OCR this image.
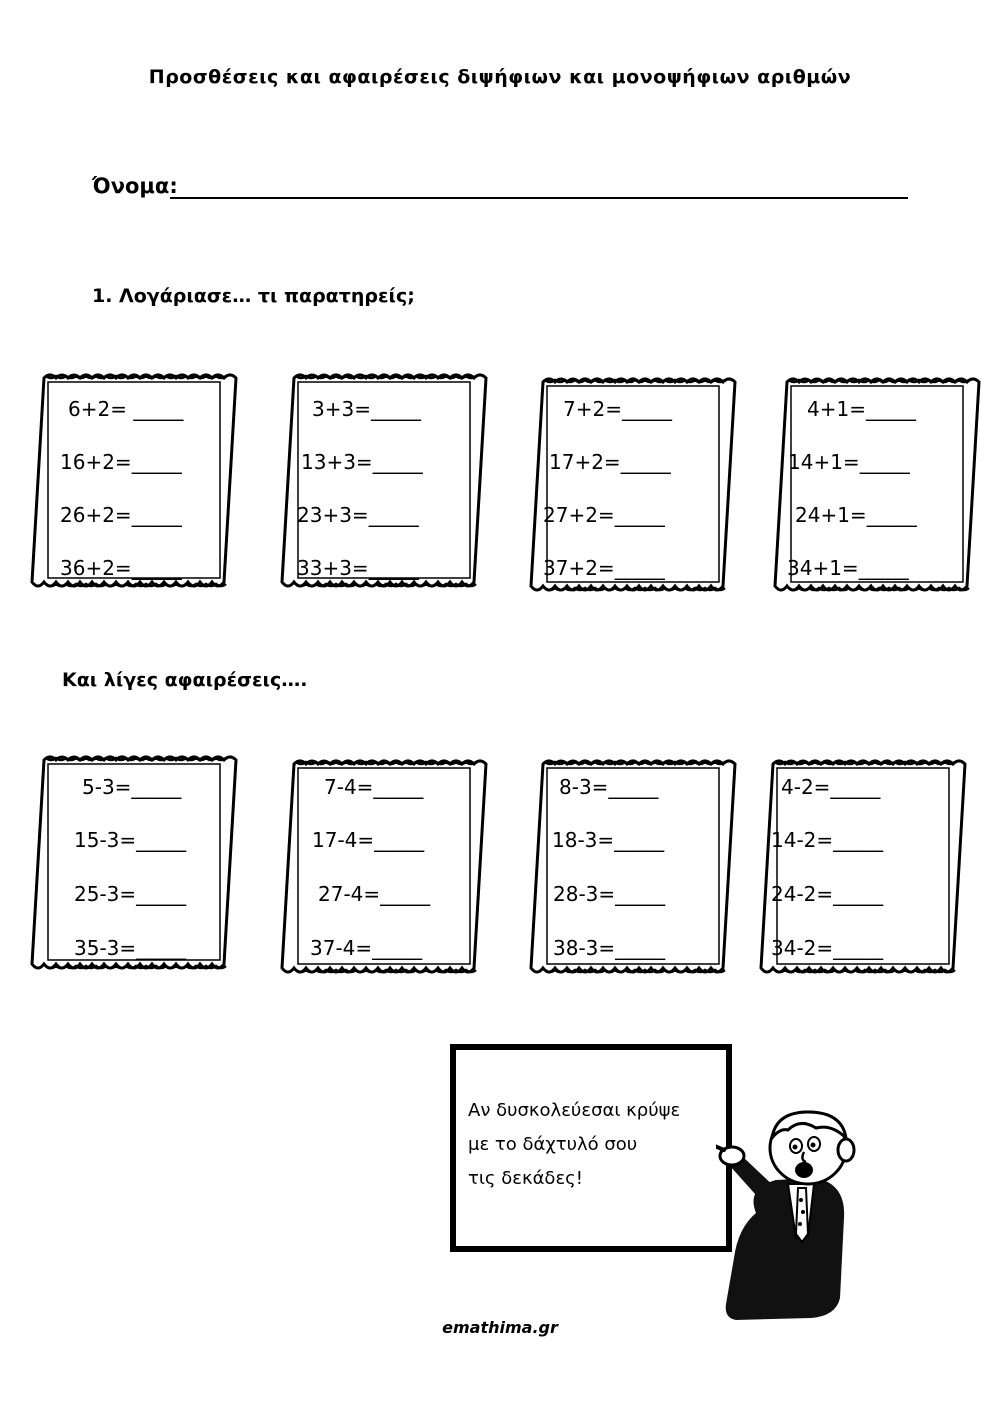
Προσθέσεις και αφαιρέσεις διψήφιων και μονοψήφιων αριθμών
Όνομα:
1. Λογάριασε… τι παρατηρείς;
Και λίγες αφαιρέσεις….
6+2= _____
16+2=_____
26+2=_____
36+2=_____
3+3=_____
13+3=_____
23+3=_____
33+3=_____
7+2=_____
17+2=_____
27+2=_____
37+2=_____
4+1=_____
14+1=_____
24+1=_____
34+1=_____
5-3=_____
15-3=_____
25-3=_____
35-3=_____
7-4=_____
17-4=_____
27-4=_____
37-4=_____
8-3=_____
18-3=_____
28-3=_____
38-3=_____
4-2=_____
14-2=_____
24-2=_____
34-2=_____
Αν δυσκολεύεσαι κρύψε
με το δάχτυλό σου
τις δεκάδες!
emathima.gr
